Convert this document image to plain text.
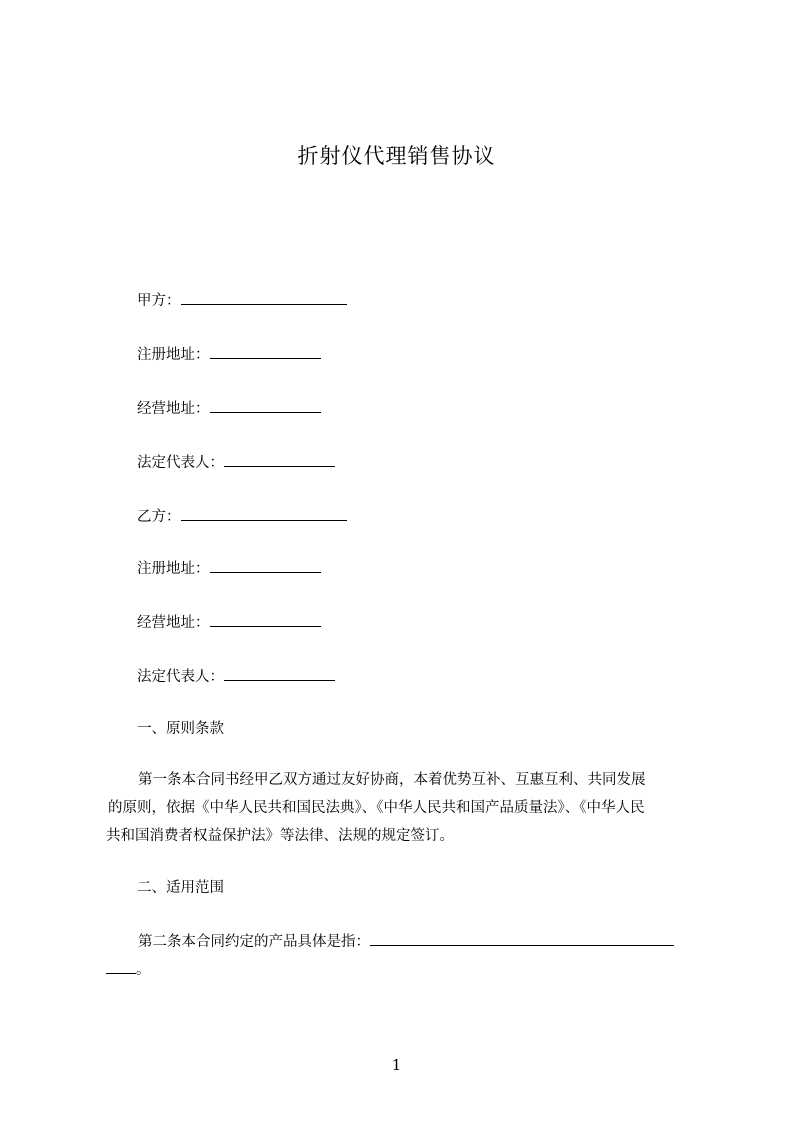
折射仪代理销售协议
甲方：
注册地址：
经营地址：
法定代表人：
乙方：
注册地址：
经营地址：
法定代表人：
一、原则条款
第一条本合同书经甲乙双方通过友好协商，本着优势互补、互惠互利、共同发展
的原则，依据《中华人民共和国民法典》、《中华人民共和国产品质量法》、《中华人民
共和国消费者权益保护法》等法律、法规的规定签订。
二、适用范围
第二条本合同约定的产品具体是指：
。
1
